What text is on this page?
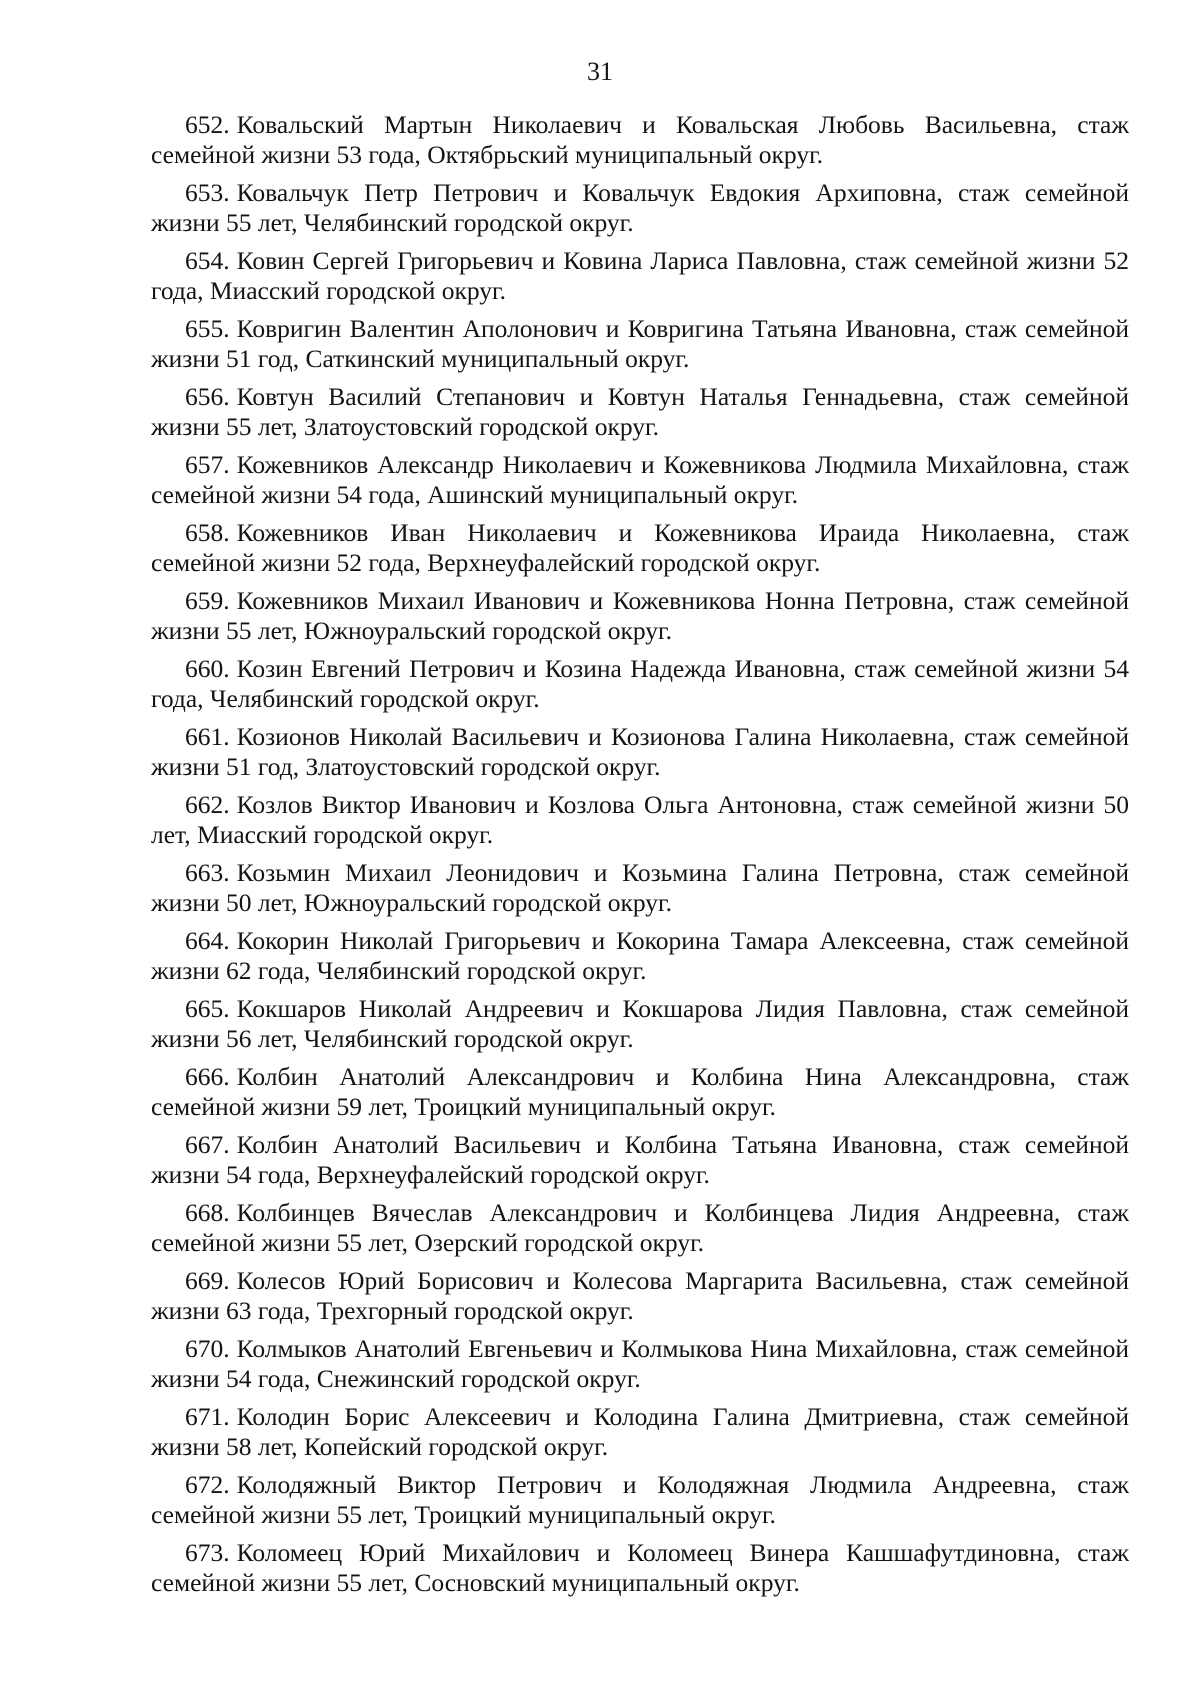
31
652. Ковальский Мартын Николаевич и Ковальская Любовь Васильевна, стаж семейной жизни 53 года, Октябрьский муниципальный округ.
653. Ковальчук Петр Петрович и Ковальчук Евдокия Архиповна, стаж семейной жизни 55 лет, Челябинский городской округ.
654. Ковин Сергей Григорьевич и Ковина Лариса Павловна, стаж семейной жизни 52 года, Миасский городской округ.
655. Ковригин Валентин Аполонович и Ковригина Татьяна Ивановна, стаж семейной жизни 51 год, Саткинский муниципальный округ.
656. Ковтун Василий Степанович и Ковтун Наталья Геннадьевна, стаж семейной жизни 55 лет, Златоустовский городской округ.
657. Кожевников Александр Николаевич и Кожевникова Людмила Михайловна, стаж семейной жизни 54 года, Ашинский муниципальный округ.
658. Кожевников Иван Николаевич и Кожевникова Ираида Николаевна, стаж семейной жизни 52 года, Верхнеуфалейский городской округ.
659. Кожевников Михаил Иванович и Кожевникова Нонна Петровна, стаж семейной жизни 55 лет, Южноуральский городской округ.
660. Козин Евгений Петрович и Козина Надежда Ивановна, стаж семейной жизни 54 года, Челябинский городской округ.
661. Козионов Николай Васильевич и Козионова Галина Николаевна, стаж семейной жизни 51 год, Златоустовский городской округ.
662. Козлов Виктор Иванович и Козлова Ольга Антоновна, стаж семейной жизни 50 лет, Миасский городской округ.
663. Козьмин Михаил Леонидович и Козьмина Галина Петровна, стаж семейной жизни 50 лет, Южноуральский городской округ.
664. Кокорин Николай Григорьевич и Кокорина Тамара Алексеевна, стаж семейной жизни 62 года, Челябинский городской округ.
665. Кокшаров Николай Андреевич и Кокшарова Лидия Павловна, стаж семейной жизни 56 лет, Челябинский городской округ.
666. Колбин Анатолий Александрович и Колбина Нина Александровна, стаж семейной жизни 59 лет, Троицкий муниципальный округ.
667. Колбин Анатолий Васильевич и Колбина Татьяна Ивановна, стаж семейной жизни 54 года, Верхнеуфалейский городской округ.
668. Колбинцев Вячеслав Александрович и Колбинцева Лидия Андреевна, стаж семейной жизни 55 лет, Озерский городской округ.
669. Колесов Юрий Борисович и Колесова Маргарита Васильевна, стаж семейной жизни 63 года, Трехгорный городской округ.
670. Колмыков Анатолий Евгеньевич и Колмыкова Нина Михайловна, стаж семейной жизни 54 года, Снежинский городской округ.
671. Колодин Борис Алексеевич и Колодина Галина Дмитриевна, стаж семейной жизни 58 лет, Копейский городской округ.
672. Колодяжный Виктор Петрович и Колодяжная Людмила Андреевна, стаж семейной жизни 55 лет, Троицкий муниципальный округ.
673. Коломеец Юрий Михайлович и Коломеец Винера Кашшафутдиновна, стаж семейной жизни 55 лет, Сосновский муниципальный округ.
